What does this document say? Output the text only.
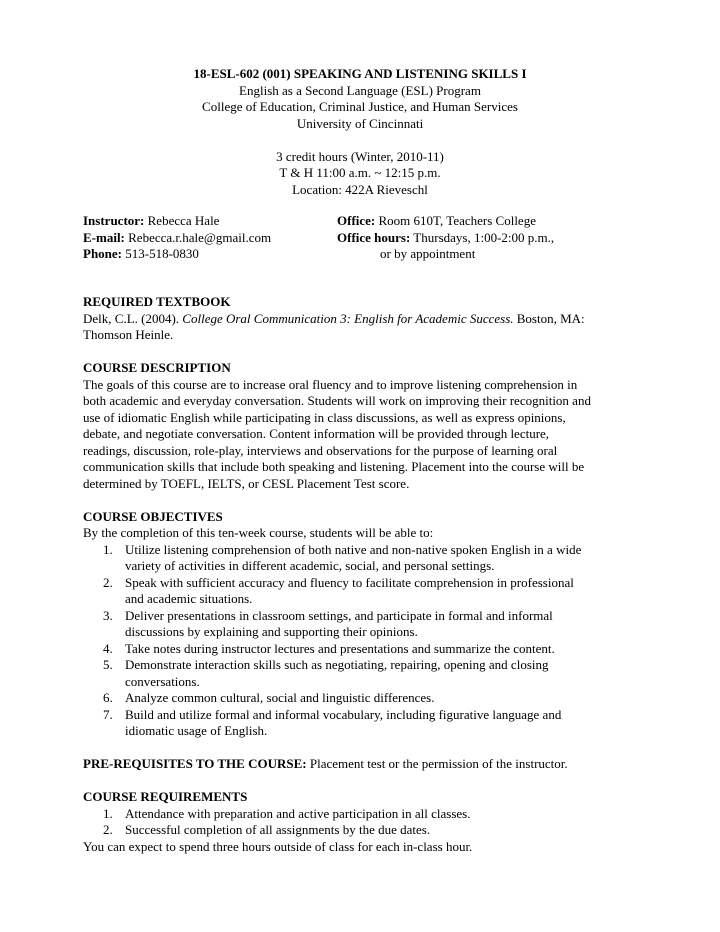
18-ESL-602 (001) SPEAKING AND LISTENING SKILLS I
English as a Second Language (ESL) Program
College of Education, Criminal Justice, and Human Services
University of Cincinnati
3 credit hours (Winter, 2010-11)
T & H 11:00 a.m. ~ 12:15 p.m.
Location: 422A Rieveschl
Instructor: Rebecca Hale	Office: Room 610T, Teachers College
E-mail: Rebecca.r.hale@gmail.com	Office hours: Thursdays, 1:00-2:00 p.m.,
Phone: 513-518-0830	or by appointment
REQUIRED TEXTBOOK
Delk, C.L. (2004). College Oral Communication 3: English for Academic Success. Boston, MA:
Thomson Heinle.
COURSE DESCRIPTION
The goals of this course are to increase oral fluency and to improve listening comprehension in
both academic and everyday conversation. Students will work on improving their recognition and
use of idiomatic English while participating in class discussions, as well as express opinions,
debate, and negotiate conversation. Content information will be provided through lecture,
readings, discussion, role-play, interviews and observations for the purpose of learning oral
communication skills that include both speaking and listening. Placement into the course will be
determined by TOEFL, IELTS, or CESL Placement Test score.
COURSE OBJECTIVES
By the completion of this ten-week course, students will be able to:
1. Utilize listening comprehension of both native and non-native spoken English in a wide
variety of activities in different academic, social, and personal settings.
2. Speak with sufficient accuracy and fluency to facilitate comprehension in professional
and academic situations.
3. Deliver presentations in classroom settings, and participate in formal and informal
discussions by explaining and supporting their opinions.
4. Take notes during instructor lectures and presentations and summarize the content.
5. Demonstrate interaction skills such as negotiating, repairing, opening and closing
conversations.
6. Analyze common cultural, social and linguistic differences.
7. Build and utilize formal and informal vocabulary, including figurative language and
idiomatic usage of English.
PRE-REQUISITES TO THE COURSE: Placement test or the permission of the instructor.
COURSE REQUIREMENTS
1. Attendance with preparation and active participation in all classes.
2. Successful completion of all assignments by the due dates.
You can expect to spend three hours outside of class for each in-class hour.
